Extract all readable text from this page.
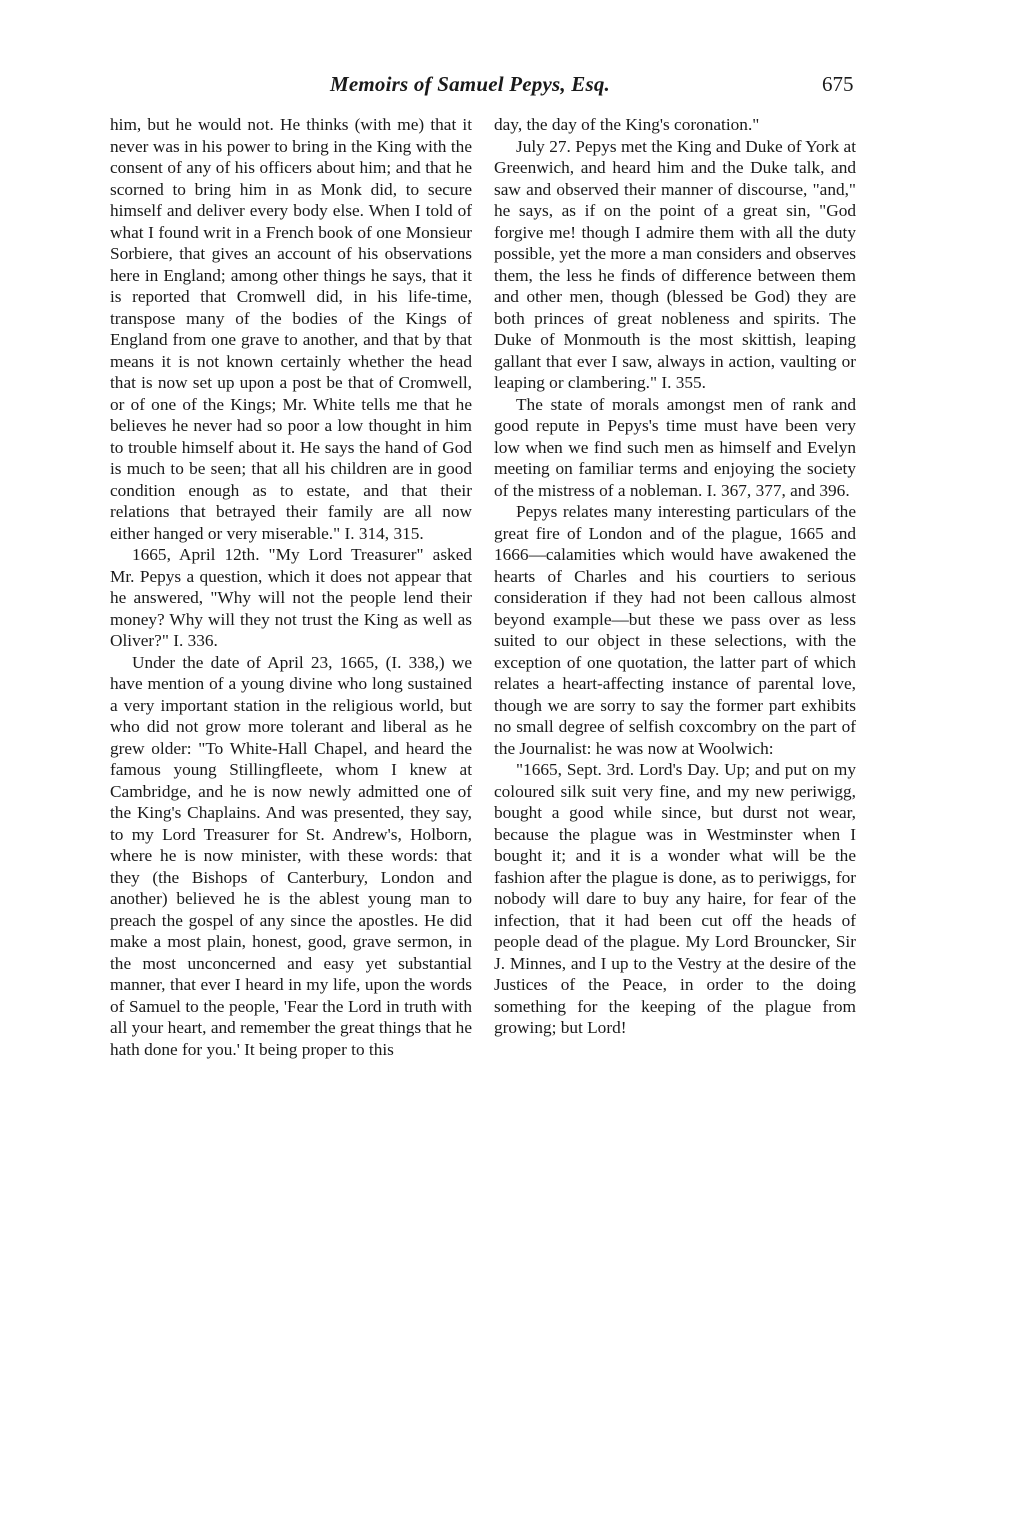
Memoirs of Samuel Pepys, Esq.	675

him, but he would not. He thinks (with me) that it never was in his power to bring in the King with the consent of any of his officers about him; and that he scorned to bring him in as Monk did, to secure himself and deliver every body else. When I told of what I found writ in a French book of one Monsieur Sorbiere, that gives an account of his observations here in England; among other things he says, that it is reported that Cromwell did, in his life-time, transpose many of the bodies of the Kings of England from one grave to another, and that by that means it is not known certainly whether the head that is now set up upon a post be that of Cromwell, or of one of the Kings; Mr. White tells me that he believes he never had so poor a low thought in him to trouble himself about it. He says the hand of God is much to be seen; that all his children are in good condition enough as to estate, and that their relations that betrayed their family are all now either hanged or very miserable." I. 314, 315.

1665, April 12th. "My Lord Treasurer" asked Mr. Pepys a question, which it does not appear that he answered, "Why will not the people lend their money? Why will they not trust the King as well as Oliver?" I. 336.

Under the date of April 23, 1665, (I. 338,) we have mention of a young divine who long sustained a very important station in the religious world, but who did not grow more tolerant and liberal as he grew older: "To White-Hall Chapel, and heard the famous young Stillingfleete, whom I knew at Cambridge, and he is now newly admitted one of the King's Chaplains. And was presented, they say, to my Lord Treasurer for St. Andrew's, Holborn, where he is now minister, with these words: that they (the Bishops of Canterbury, London and another) believed he is the ablest young man to preach the gospel of any since the apostles. He did make a most plain, honest, good, grave sermon, in the most unconcerned and easy yet substantial manner, that ever I heard in my life, upon the words of Samuel to the people, 'Fear the Lord in truth with all your heart, and remember the great things that he hath done for you.' It being proper to this

day, the day of the King's coronation."

July 27. Pepys met the King and Duke of York at Greenwich, and heard him and the Duke talk, and saw and observed their manner of discourse, "and," he says, as if on the point of a great sin, "God forgive me! though I admire them with all the duty possible, yet the more a man considers and observes them, the less he finds of difference between them and other men, though (blessed be God) they are both princes of great nobleness and spirits. The Duke of Monmouth is the most skittish, leaping gallant that ever I saw, always in action, vaulting or leaping or clambering." I. 355.

The state of morals amongst men of rank and good repute in Pepys's time must have been very low when we find such men as himself and Evelyn meeting on familiar terms and enjoying the society of the mistress of a nobleman. I. 367, 377, and 396.

Pepys relates many interesting particulars of the great fire of London and of the plague, 1665 and 1666—calamities which would have awakened the hearts of Charles and his courtiers to serious consideration if they had not been callous almost beyond example—but these we pass over as less suited to our object in these selections, with the exception of one quotation, the latter part of which relates a heart-affecting instance of parental love, though we are sorry to say the former part exhibits no small degree of selfish coxcombry on the part of the Journalist: he was now at Woolwich:

"1665, Sept. 3rd. Lord's Day. Up; and put on my coloured silk suit very fine, and my new periwigg, bought a good while since, but durst not wear, because the plague was in Westminster when I bought it; and it is a wonder what will be the fashion after the plague is done, as to periwiggs, for nobody will dare to buy any haire, for fear of the infection, that it had been cut off the heads of people dead of the plague. My Lord Brouncker, Sir J. Minnes, and I up to the Vestry at the desire of the Justices of the Peace, in order to the doing something for the keeping of the plague from growing; but Lord!
